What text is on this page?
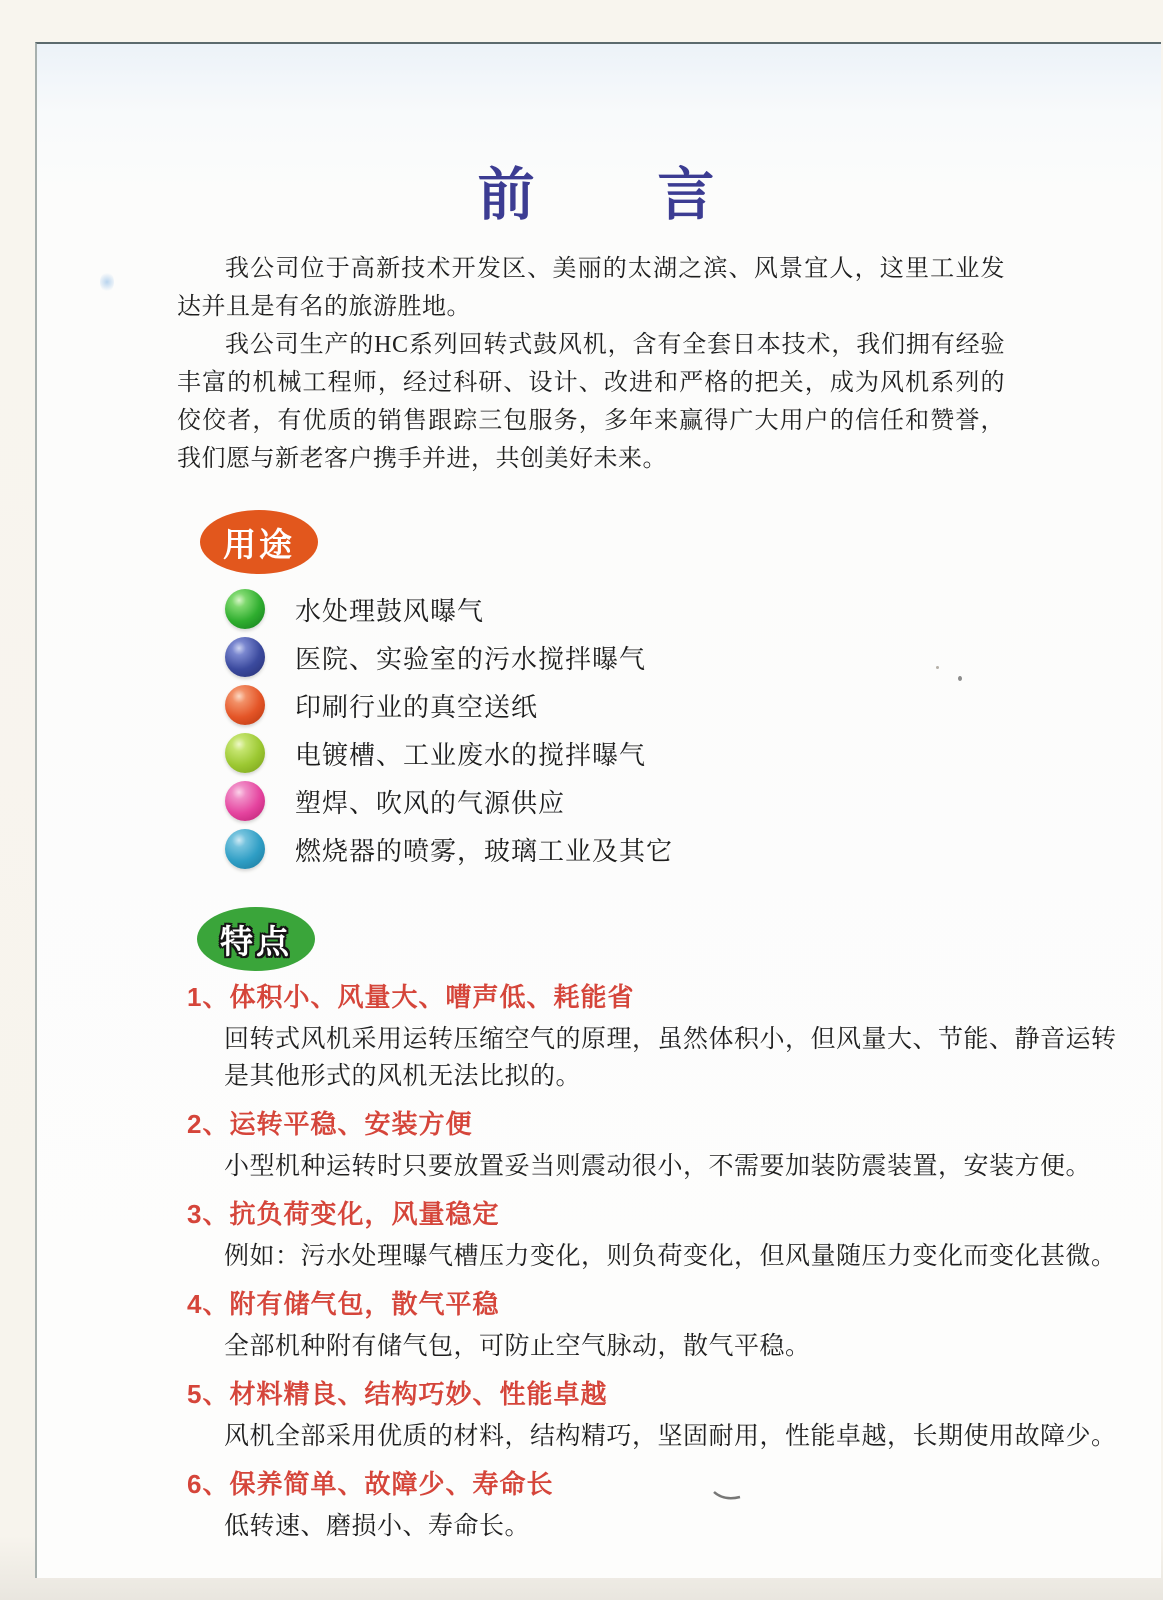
前 言

我公司位于高新技术开发区、美丽的太湖之滨、风景宜人，这里工业发达并且是有名的旅游胜地。

我公司生产的HC系列回转式鼓风机，含有全套日本技术，我们拥有经验丰富的机械工程师，经过科研、设计、改进和严格的把关，成为风机系列的佼佼者，有优质的销售跟踪三包服务，多年来赢得广大用户的信任和赞誉，我们愿与新老客户携手并进，共创美好未来。

用途
水处理鼓风曝气
医院、实验室的污水搅拌曝气
印刷行业的真空送纸
电镀槽、工业废水的搅拌曝气
塑焊、吹风的气源供应
燃烧器的喷雾，玻璃工业及其它
特点
1、体积小、风量大、嘈声低、耗能省
回转式风机采用运转压缩空气的原理，虽然体积小，但风量大、节能、静音运转
是其他形式的风机无法比拟的。
2、运转平稳、安装方便
小型机种运转时只要放置妥当则震动很小，不需要加装防震装置，安装方便。
3、抗负荷变化，风量稳定
例如：污水处理曝气槽压力变化，则负荷变化，但风量随压力变化而变化甚微。
4、附有储气包，散气平稳
全部机种附有储气包，可防止空气脉动，散气平稳。
5、材料精良、结构巧妙、性能卓越
风机全部采用优质的材料，结构精巧，坚固耐用，性能卓越，长期使用故障少。
6、保养简单、故障少、寿命长
低转速、磨损小、寿命长。
